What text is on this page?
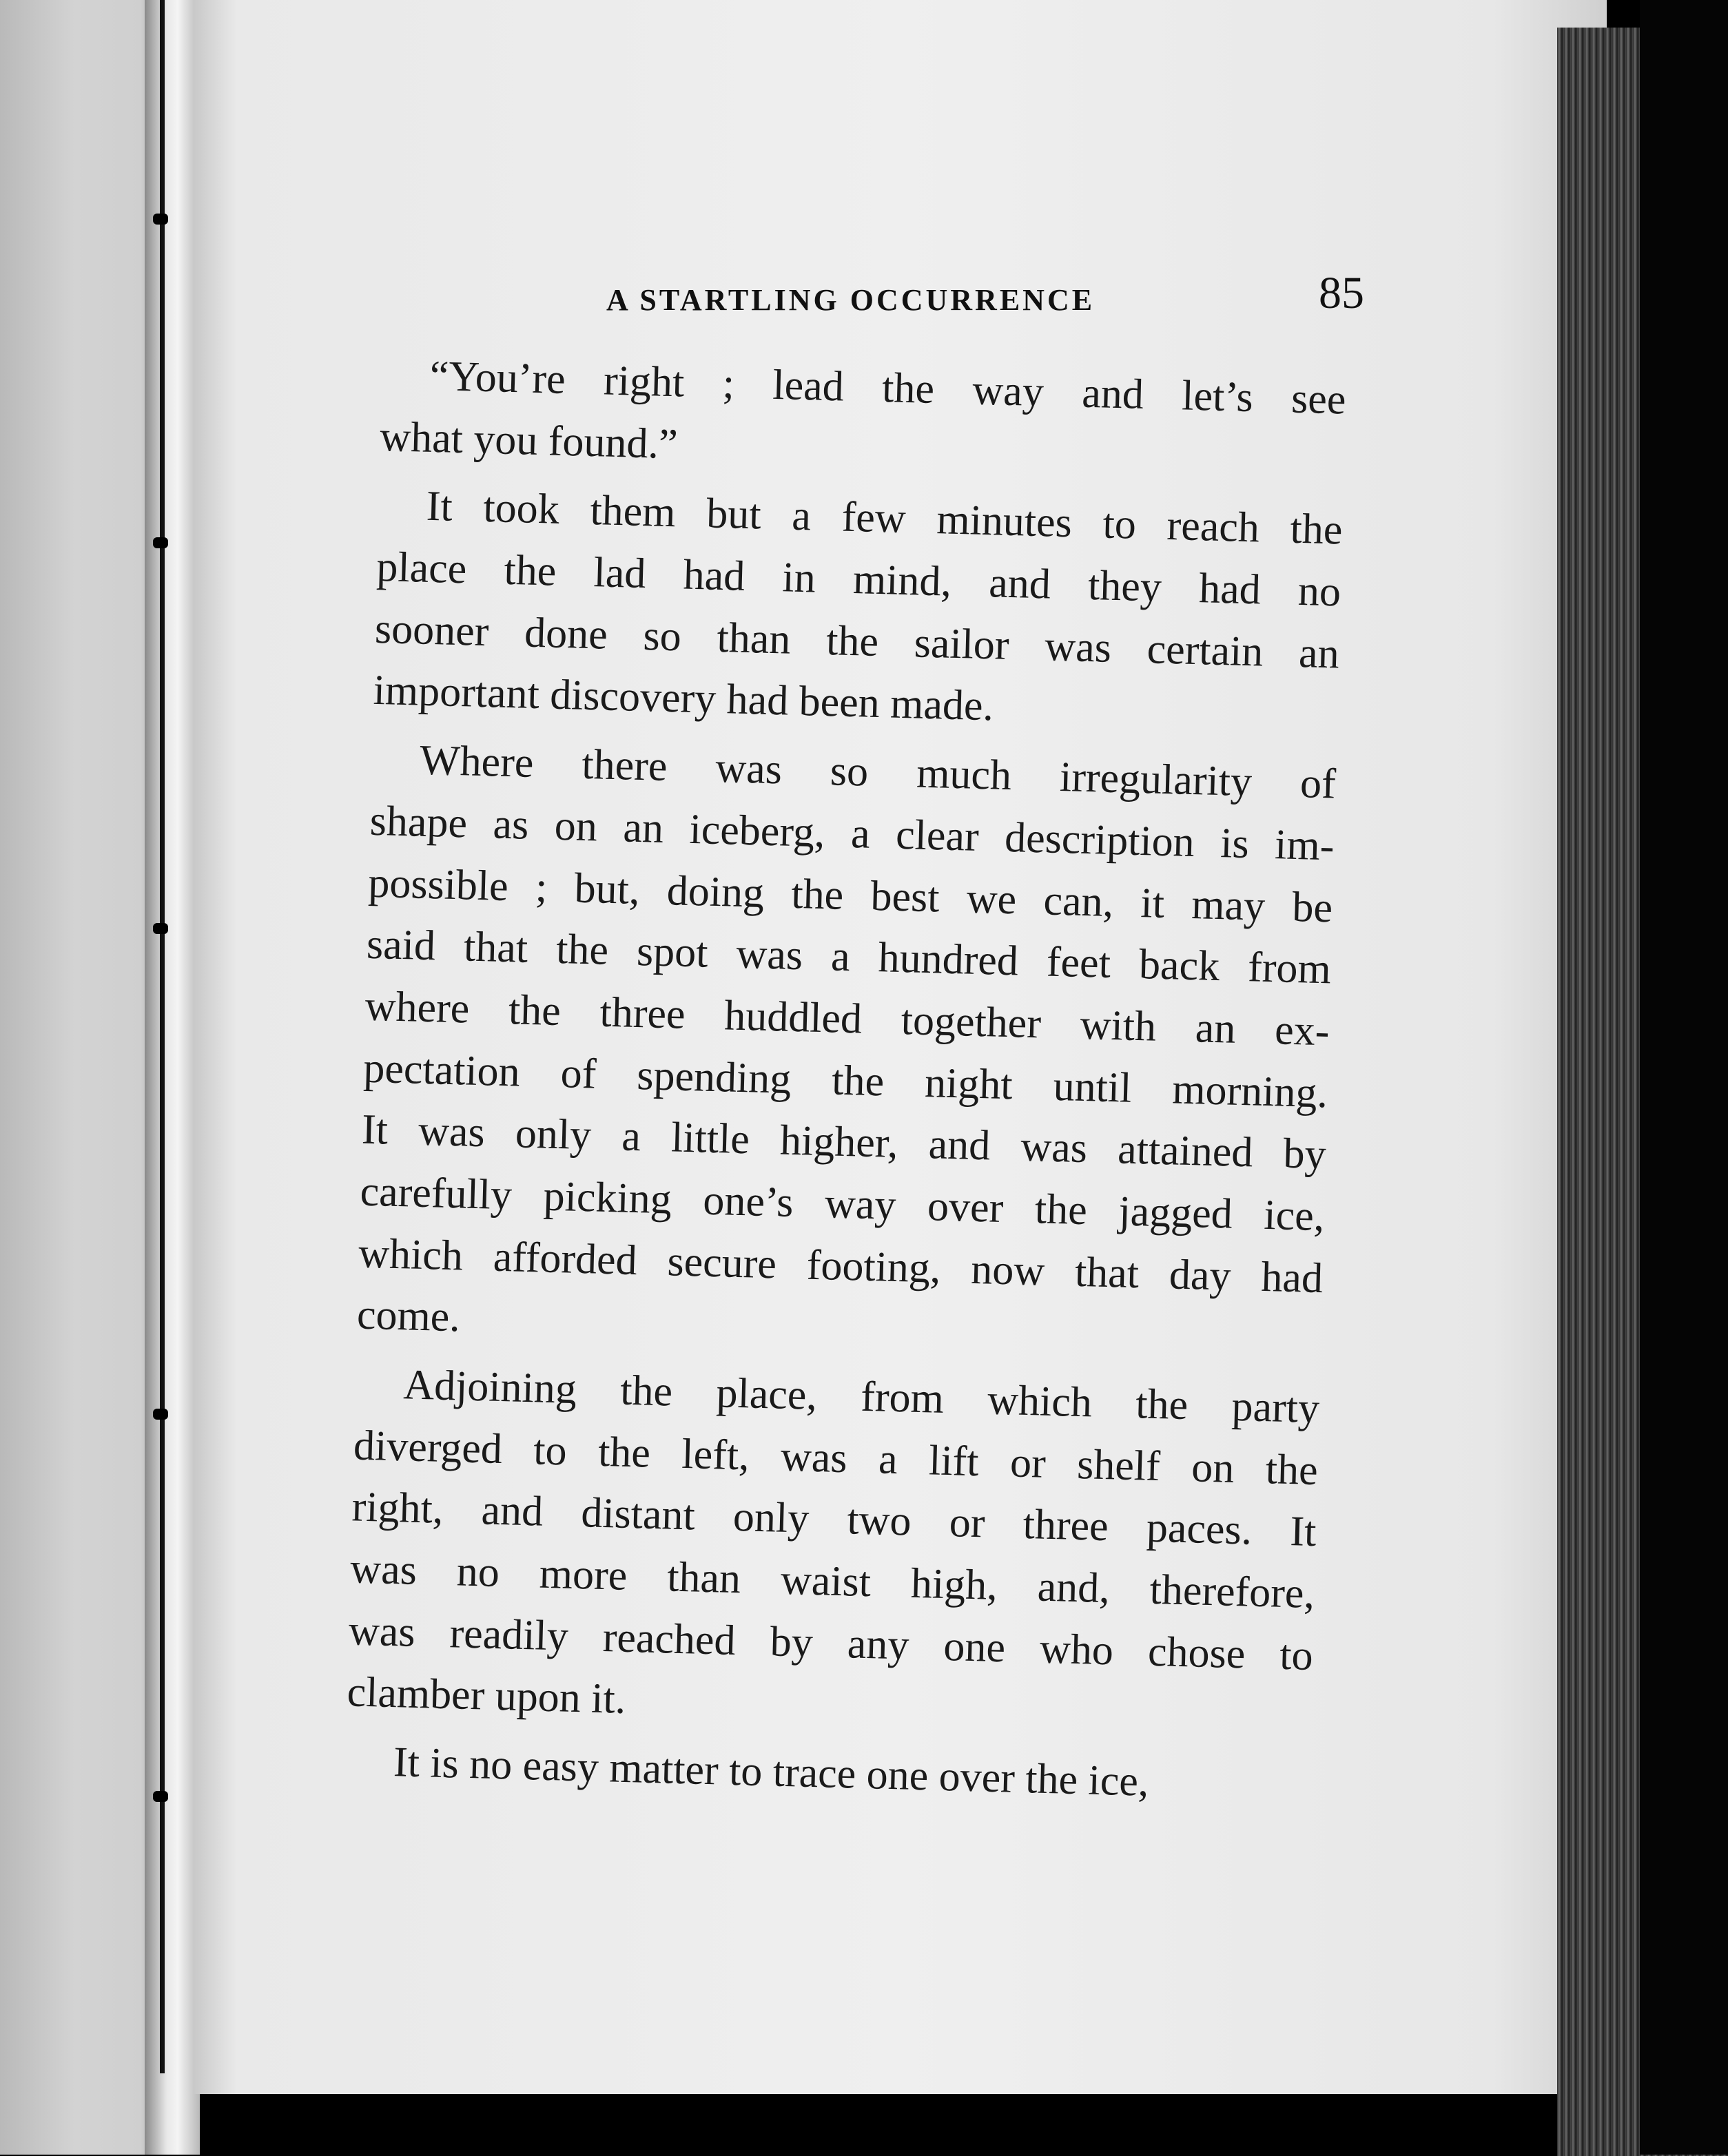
A STARTLING OCCURRENCE	85
“You’re right ; lead the way and let’s see
what you found.”
It took them but a few minutes to reach the
place the lad had in mind, and they had no
sooner done so than the sailor was certain an
important discovery had been made.
Where there was so much irregularity of
shape as on an iceberg, a clear description is im-
possible ; but, doing the best we can, it may be
said that the spot was a hundred feet back from
where the three huddled together with an ex-
pectation of spending the night until morning.
It was only a little higher, and was attained by
carefully picking one’s way over the jagged ice,
which afforded secure footing, now that day had
come.
Adjoining the place, from which the party
diverged to the left, was a lift or shelf on the
right, and distant only two or three paces. It
was no more than waist high, and, therefore,
was readily reached by any one who chose to
clamber upon it.
It is no easy matter to trace one over the ice,
